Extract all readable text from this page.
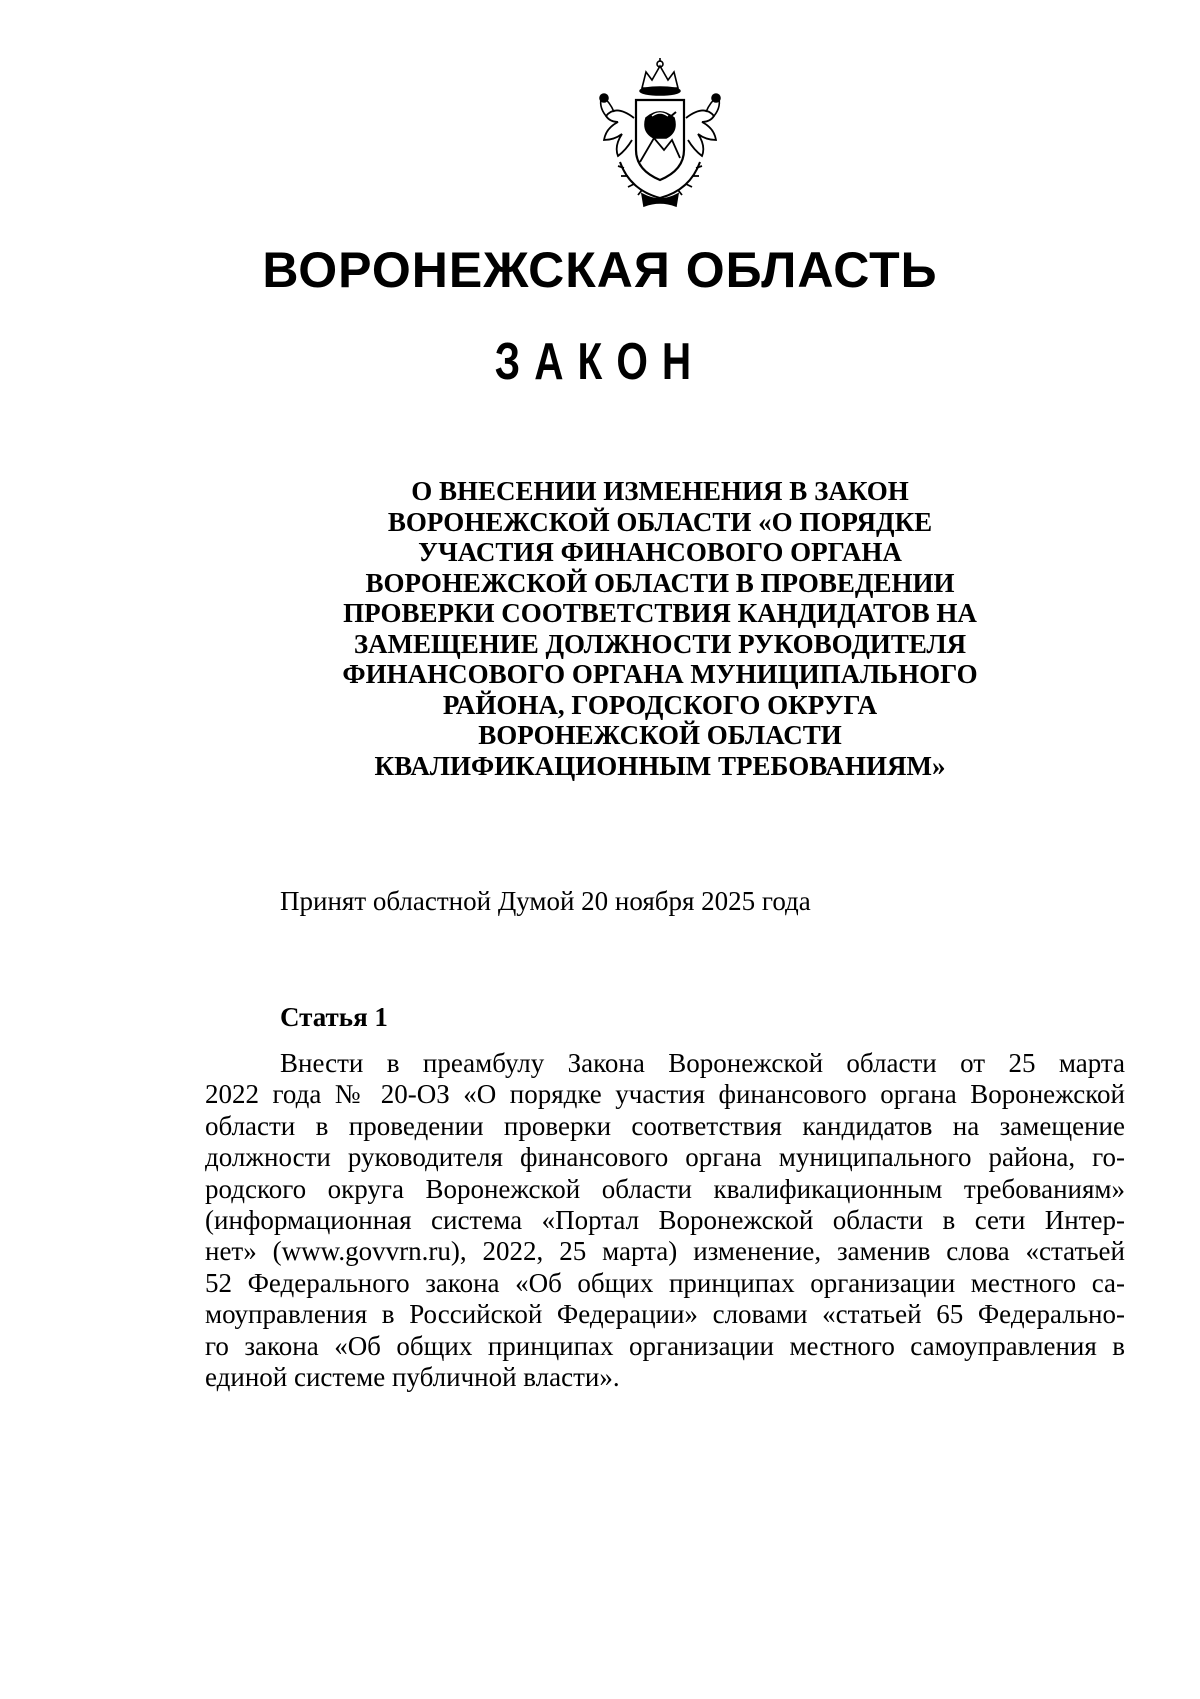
ВОРОНЕЖСКАЯ ОБЛАСТЬ
ЗАКОН
О ВНЕСЕНИИ ИЗМЕНЕНИЯ В ЗАКОН
ВОРОНЕЖСКОЙ ОБЛАСТИ «О ПОРЯДКЕ
УЧАСТИЯ ФИНАНСОВОГО ОРГАНА
ВОРОНЕЖСКОЙ ОБЛАСТИ В ПРОВЕДЕНИИ
ПРОВЕРКИ СООТВЕТСТВИЯ КАНДИДАТОВ НА
ЗАМЕЩЕНИЕ ДОЛЖНОСТИ РУКОВОДИТЕЛЯ
ФИНАНСОВОГО ОРГАНА МУНИЦИПАЛЬНОГО
РАЙОНА, ГОРОДСКОГО ОКРУГА
ВОРОНЕЖСКОЙ ОБЛАСТИ
КВАЛИФИКАЦИОННЫМ ТРЕБОВАНИЯМ»
Принят областной Думой 20 ноября 2025 года
Статья 1
Внести в преамбулу Закона Воронежской области от 25 марта
2022 года № 20-ОЗ «О порядке участия финансового органа Воронежской
области в проведении проверки соответствия кандидатов на замещение
должности руководителя финансового органа муниципального района, го-
родского округа Воронежской области квалификационным требованиям»
(информационная система «Портал Воронежской области в сети Интер-
нет» (www.govvrn.ru), 2022, 25 марта) изменение, заменив слова «статьей
52 Федерального закона «Об общих принципах организации местного са-
моуправления в Российской Федерации» словами «статьей 65 Федерально-
го закона «Об общих принципах организации местного самоуправления в
единой системе публичной власти».
